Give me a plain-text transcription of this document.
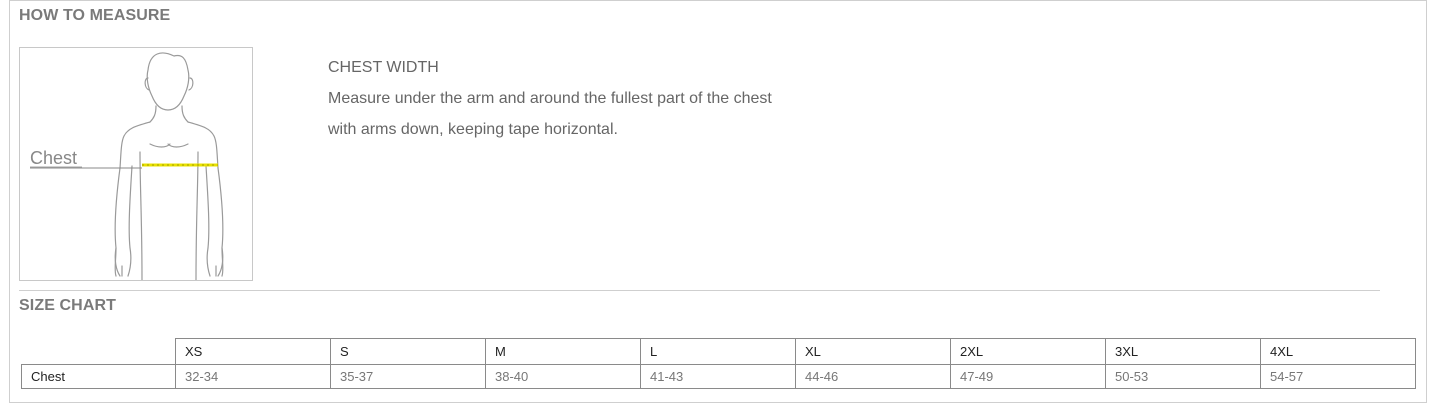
HOW TO MEASURE
Chest
CHEST WIDTH
Measure under the arm and around the fullest part of the chest
with arms down, keeping tape horizontal.
SIZE CHART
	XS	S	M	L	XL	2XL	3XL	4XL
Chest	32-34	35-37	38-40	41-43	44-46	47-49	50-53	54-57
